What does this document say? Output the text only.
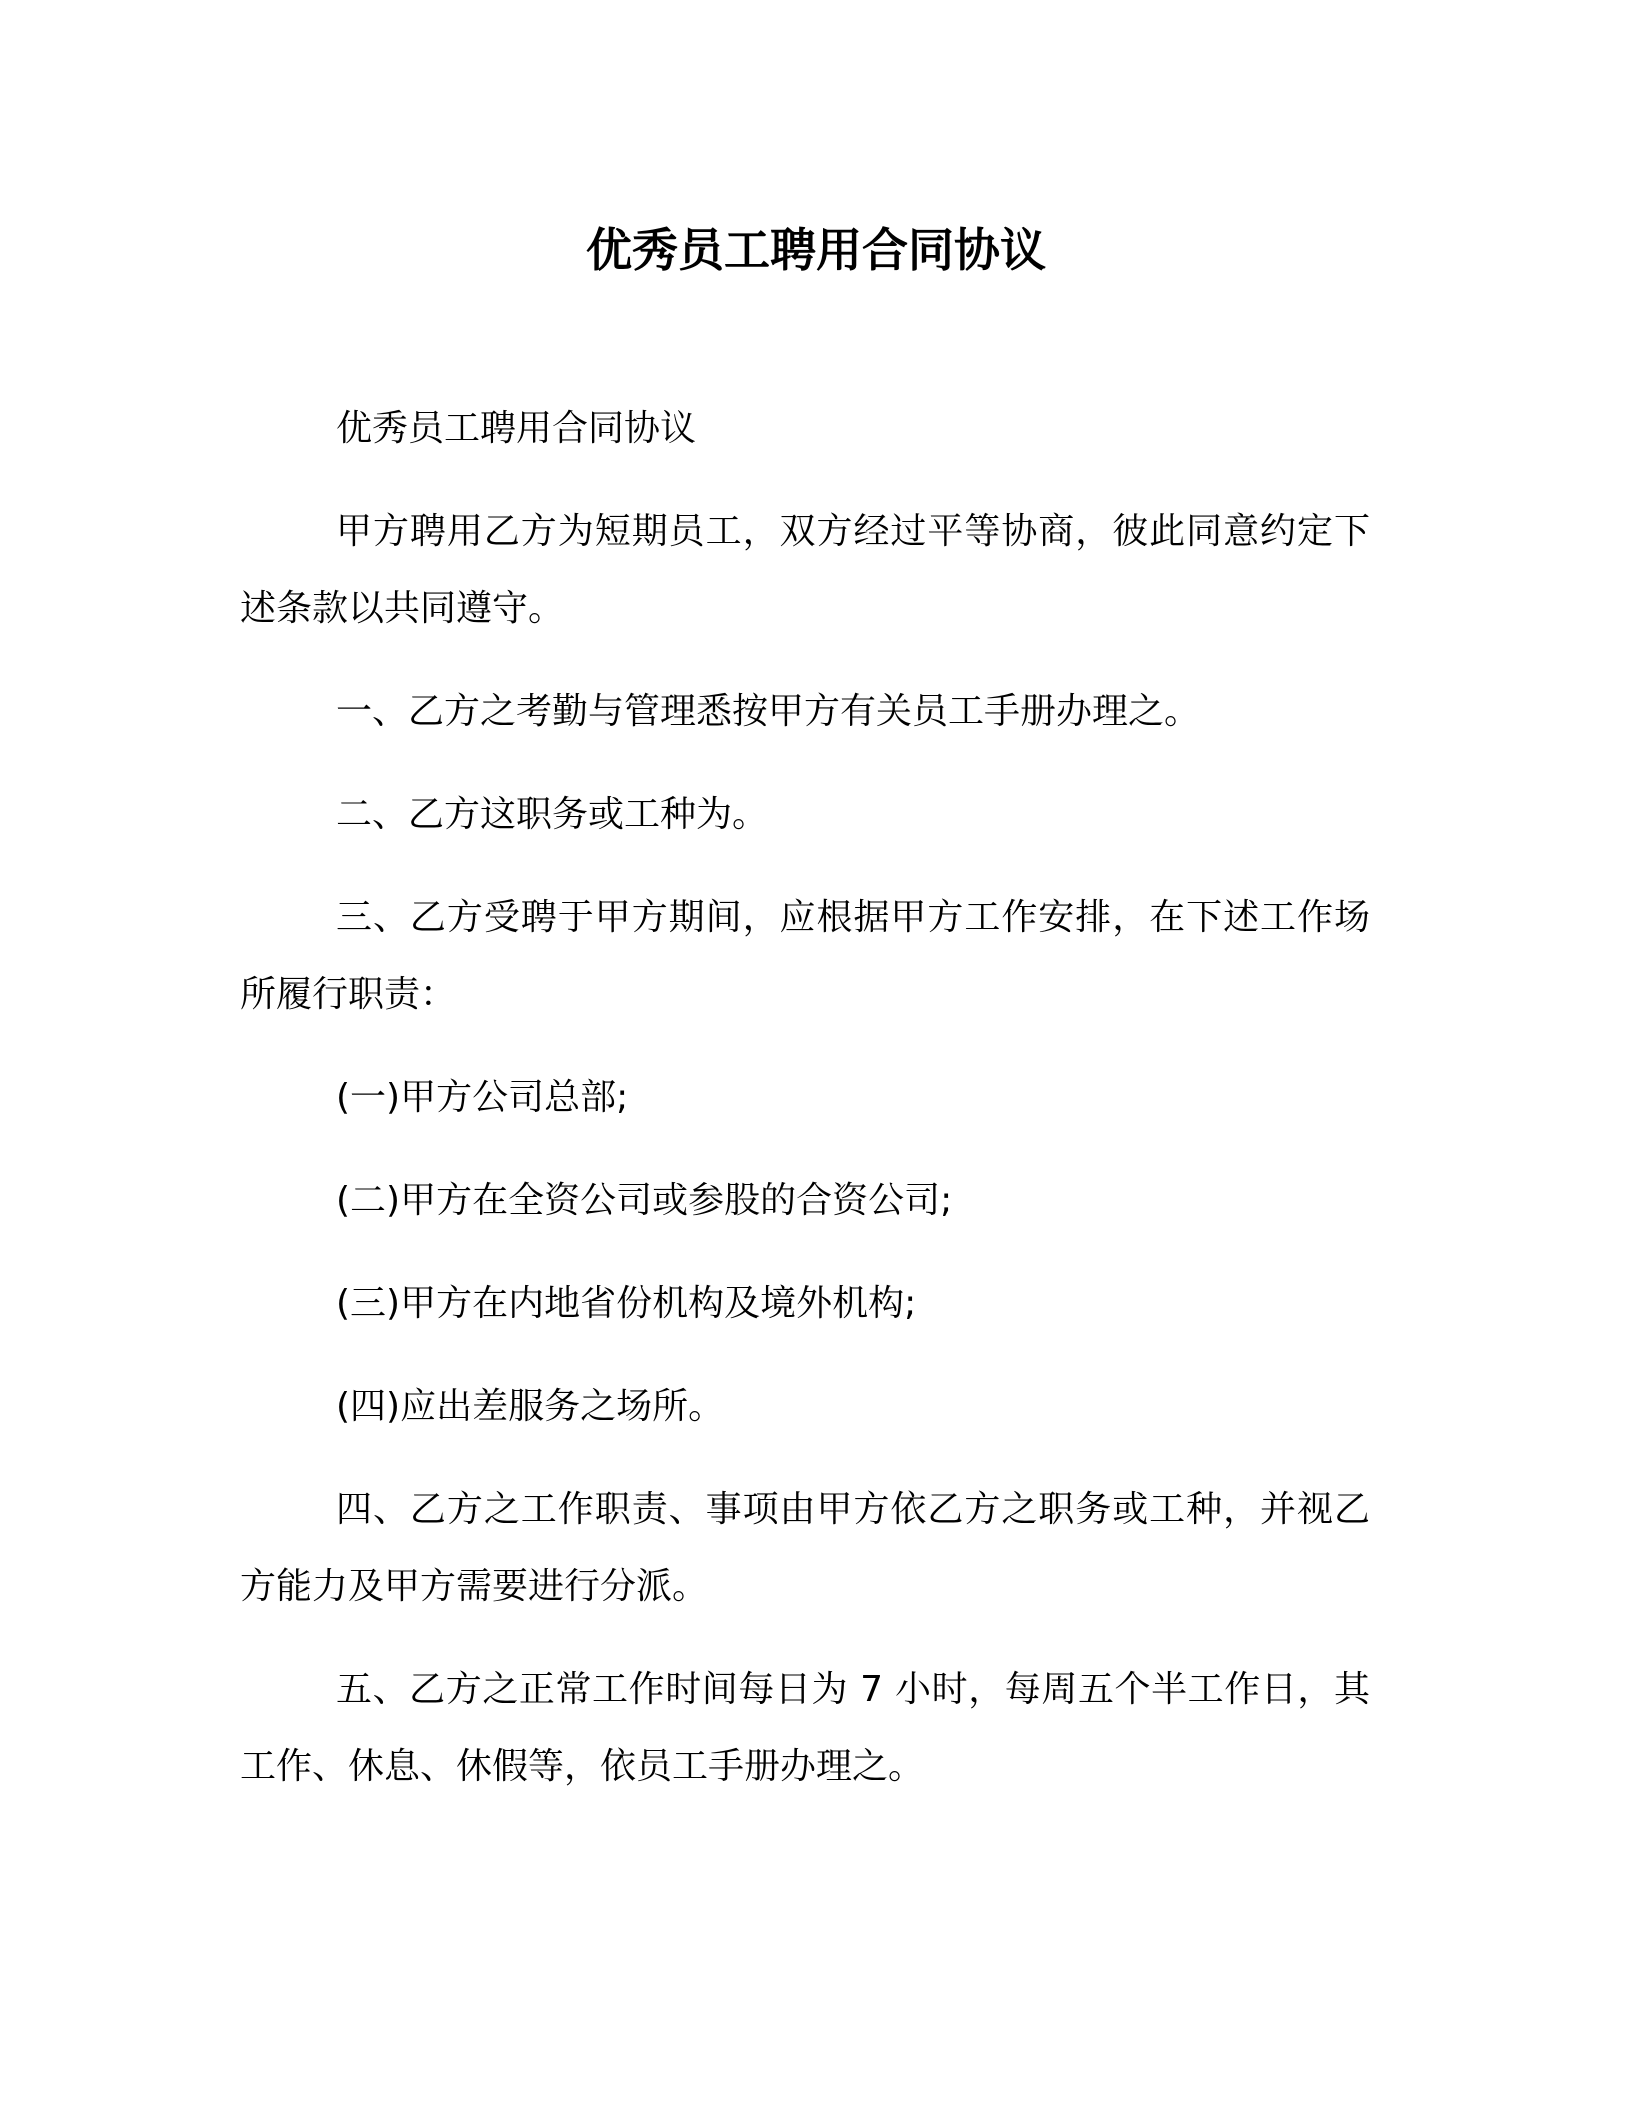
优秀员工聘用合同协议

优秀员工聘用合同协议

甲方聘用乙方为短期员工，双方经过平等协商，彼此同意约定下述条款以共同遵守。

一、乙方之考勤与管理悉按甲方有关员工手册办理之。

二、乙方这职务或工种为。

三、乙方受聘于甲方期间，应根据甲方工作安排，在下述工作场所履行职责：

(一)甲方公司总部;

(二)甲方在全资公司或参股的合资公司;

(三)甲方在内地省份机构及境外机构;

(四)应出差服务之场所。

四、乙方之工作职责、事项由甲方依乙方之职务或工种，并视乙方能力及甲方需要进行分派。

五、乙方之正常工作时间每日为 7 小时，每周五个半工作日，其工作、休息、休假等，依员工手册办理之。
